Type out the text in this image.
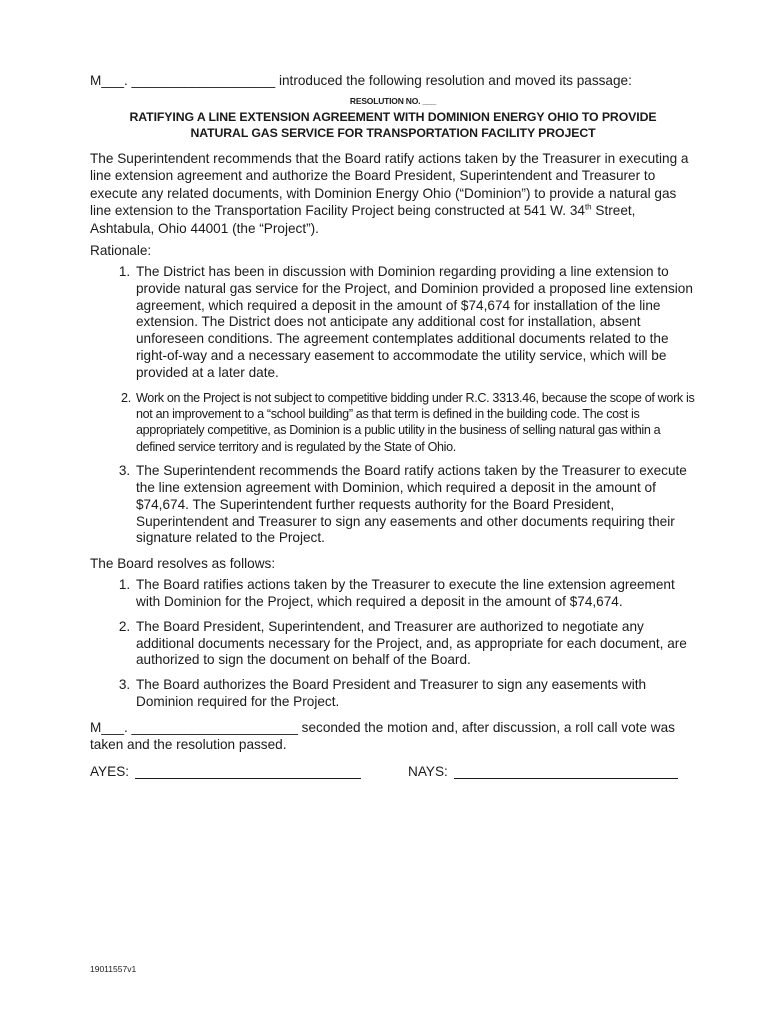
M___. ___________________ introduced the following resolution and moved its passage:
RESOLUTION NO. ___
RATIFYING A LINE EXTENSION AGREEMENT WITH DOMINION ENERGY OHIO TO PROVIDE
NATURAL GAS SERVICE FOR TRANSPORTATION FACILITY PROJECT

The Superintendent recommends that the Board ratify actions taken by the Treasurer in executing a line extension agreement and authorize the Board President, Superintendent and Treasurer to execute any related documents, with Dominion Energy Ohio (“Dominion”) to provide a natural gas line extension to the Transportation Facility Project being constructed at 541 W. 34th Street, Ashtabula, Ohio 44001 (the “Project”).

Rationale:
1. The District has been in discussion with Dominion regarding providing a line extension to provide natural gas service for the Project, and Dominion provided a proposed line extension agreement, which required a deposit in the amount of $74,674 for installation of the line extension. The District does not anticipate any additional cost for installation, absent unforeseen conditions. The agreement contemplates additional documents related to the right-of-way and a necessary easement to accommodate the utility service, which will be provided at a later date.
2. Work on the Project is not subject to competitive bidding under R.C. 3313.46, because the scope of work is not an improvement to a “school building” as that term is defined in the building code. The cost is appropriately competitive, as Dominion is a public utility in the business of selling natural gas within a defined service territory and is regulated by the State of Ohio.
3. The Superintendent recommends the Board ratify actions taken by the Treasurer to execute the line extension agreement with Dominion, which required a deposit in the amount of $74,674. The Superintendent further requests authority for the Board President, Superintendent and Treasurer to sign any easements and other documents requiring their signature related to the Project.
The Board resolves as follows:
1. The Board ratifies actions taken by the Treasurer to execute the line extension agreement with Dominion for the Project, which required a deposit in the amount of $74,674.
2. The Board President, Superintendent, and Treasurer are authorized to negotiate any additional documents necessary for the Project, and, as appropriate for each document, are authorized to sign the document on behalf of the Board.
3. The Board authorizes the Board President and Treasurer to sign any easements with Dominion required for the Project.

M___. ______________________ seconded the motion and, after discussion, a roll call vote was taken and the resolution passed.

AYES:	NAYS:
19011557v1
